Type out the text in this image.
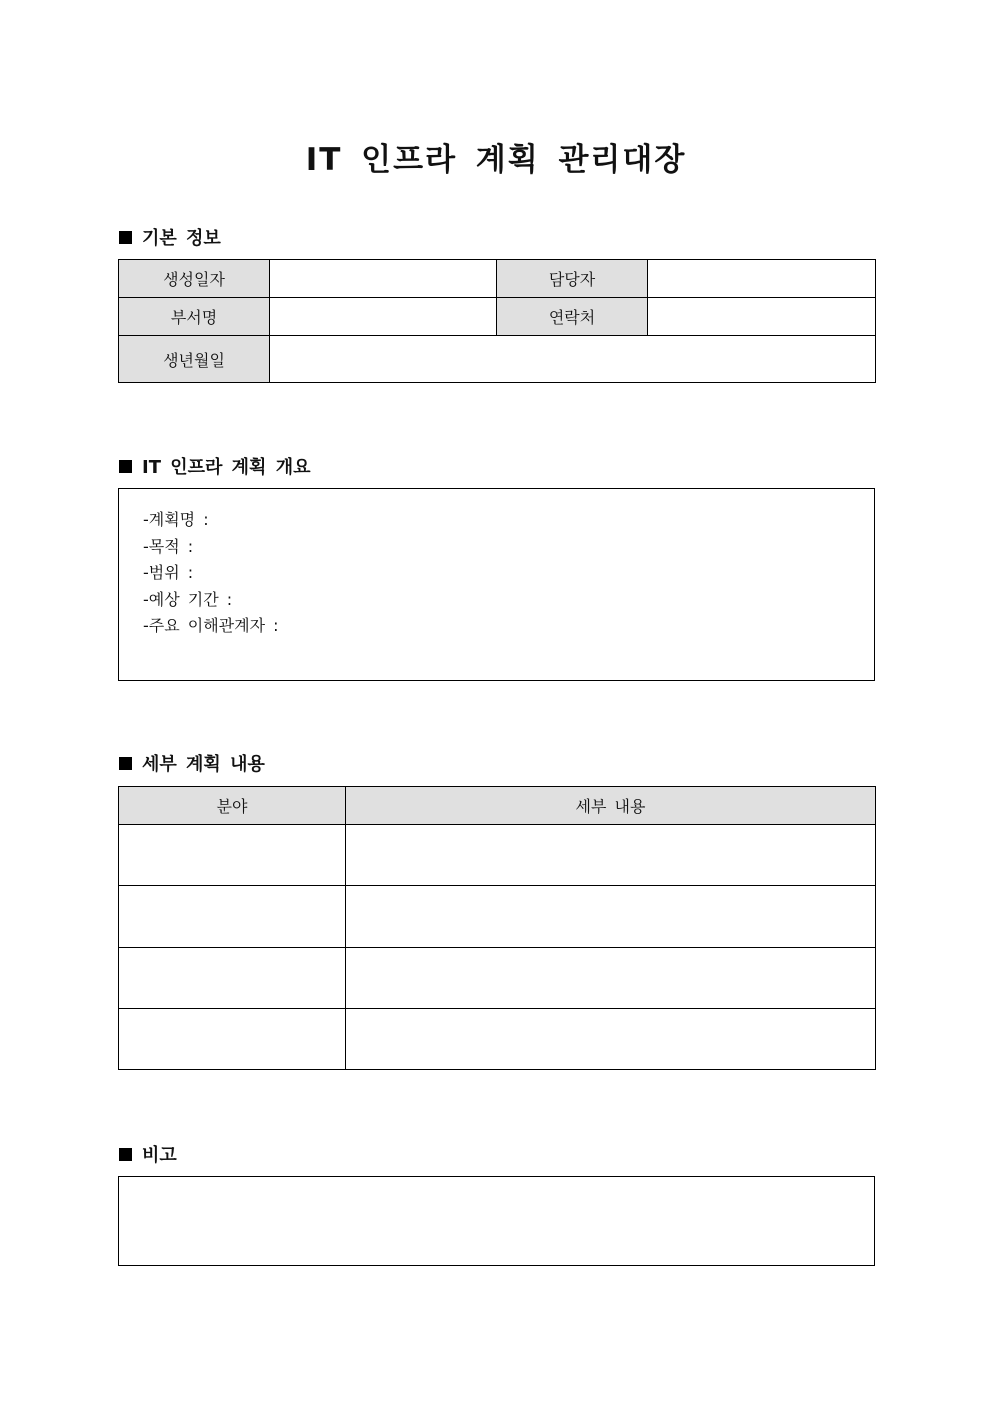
IT 인프라 계획 관리대장
기본 정보
생성일자		담당자	
부서명		연락처	
생년월일			
IT 인프라 계획 개요
-계획명 :
-목적 :
-범위 :
-예상 기간 :
-주요 이해관계자 :
세부 계획 내용
분야	세부 내용

비고
